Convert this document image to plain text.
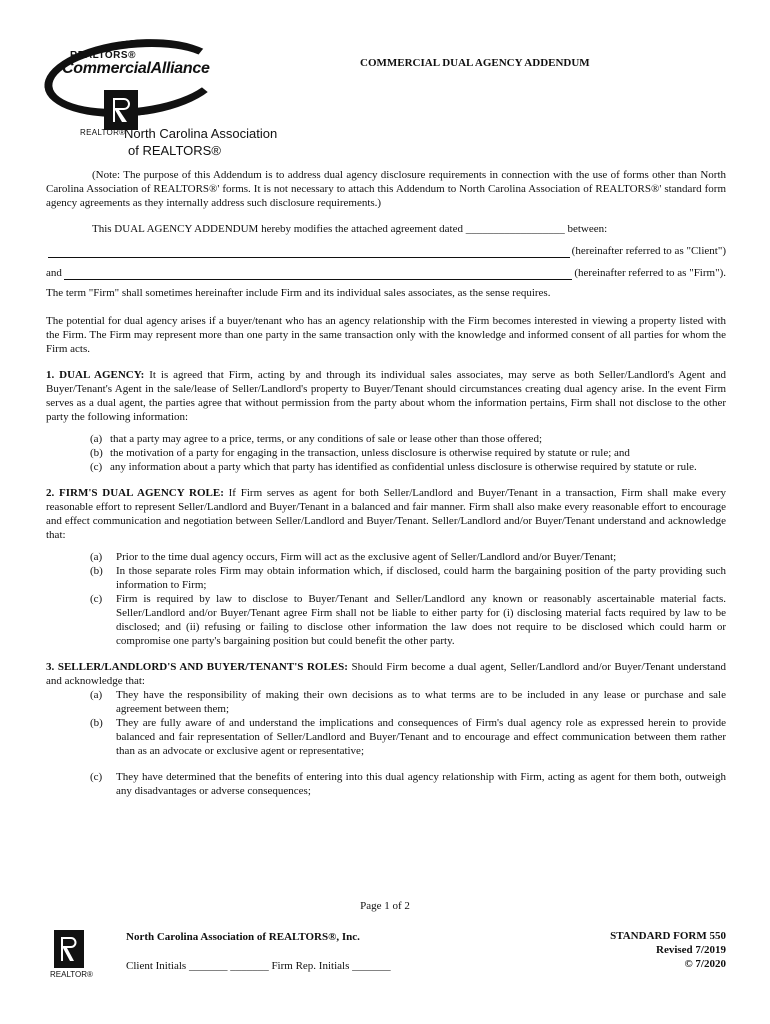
REALTORS®
CommercialAlliance
REALTOR®
North Carolina Association
of REALTORS®
COMMERCIAL DUAL AGENCY ADDENDUM

(Note: The purpose of this Addendum is to address dual agency disclosure requirements in connection with the use of forms other than North Carolina Association of REALTORS®' forms. It is not necessary to attach this Addendum to North Carolina Association of REALTORS®' standard form agency agreements as they internally address such disclosure requirements.)

This DUAL AGENCY ADDENDUM hereby modifies the attached agreement dated __________________ between:

(hereinafter referred to as "Client")
and	(hereinafter referred to as "Firm").

The term "Firm" shall sometimes hereinafter include Firm and its individual sales associates, as the sense requires.

The potential for dual agency arises if a buyer/tenant who has an agency relationship with the Firm becomes interested in viewing a property listed with the Firm. The Firm may represent more than one party in the same transaction only with the knowledge and informed consent of all parties for whom the Firm acts.

1. DUAL AGENCY: It is agreed that Firm, acting by and through its individual sales associates, may serve as both Seller/Landlord's Agent and Buyer/Tenant's Agent in the sale/lease of Seller/Landlord's property to Buyer/Tenant should circumstances creating dual agency arise. In the event Firm serves as a dual agent, the parties agree that without permission from the party about whom the information pertains, Firm shall not disclose to the other party the following information:

(a) that a party may agree to a price, terms, or any conditions of sale or lease other than those offered;
(b) the motivation of a party for engaging in the transaction, unless disclosure is otherwise required by statute or rule; and
(c) any information about a party which that party has identified as confidential unless disclosure is otherwise required by statute or rule.

2. FIRM'S DUAL AGENCY ROLE: If Firm serves as agent for both Seller/Landlord and Buyer/Tenant in a transaction, Firm shall make every reasonable effort to represent Seller/Landlord and Buyer/Tenant in a balanced and fair manner. Firm shall also make every reasonable effort to encourage and effect communication and negotiation between Seller/Landlord and Buyer/Tenant. Seller/Landlord and/or Buyer/Tenant understand and acknowledge that:

(a)	Prior to the time dual agency occurs, Firm will act as the exclusive agent of Seller/Landlord and/or Buyer/Tenant;
(b)	In those separate roles Firm may obtain information which, if disclosed, could harm the bargaining position of the party providing such information to Firm;
(c)	Firm is required by law to disclose to Buyer/Tenant and Seller/Landlord any known or reasonably ascertainable material facts. Seller/Landlord and/or Buyer/Tenant agree Firm shall not be liable to either party for (i) disclosing material facts required by law to be disclosed; and (ii) refusing or failing to disclose other information the law does not require to be disclosed which could harm or compromise one party's bargaining position but could benefit the other party.

3. SELLER/LANDLORD'S AND BUYER/TENANT'S ROLES: Should Firm become a dual agent, Seller/Landlord and/or Buyer/Tenant understand and acknowledge that:

(a)	They have the responsibility of making their own decisions as to what terms are to be included in any lease or purchase and sale agreement between them;
(b)	They are fully aware of and understand the implications and consequences of Firm's dual agency role as expressed herein to provide balanced and fair representation of Seller/Landlord and Buyer/Tenant and to encourage and effect communication between them rather than as an advocate or exclusive agent or representative;
(c)	They have determined that the benefits of entering into this dual agency relationship with Firm, acting as agent for them both, outweigh any disadvantages or adverse consequences;
Page 1 of 2
REALTOR®
North Carolina Association of REALTORS®, Inc.
Client Initials _______ _______ Firm Rep. Initials _______
STANDARD FORM 550
Revised 7/2019
© 7/2020
